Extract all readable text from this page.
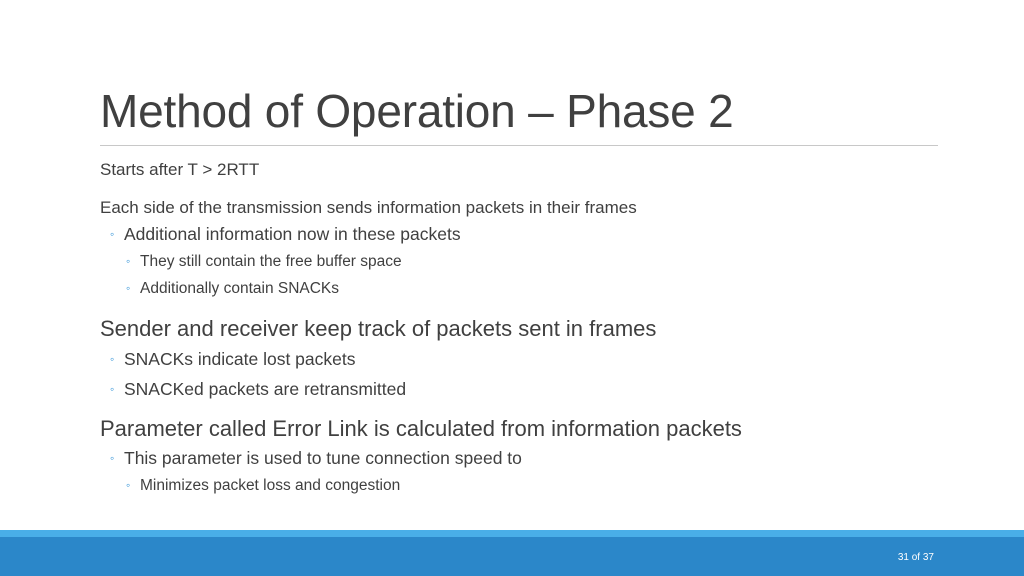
Method of Operation – Phase 2
Starts after T > 2RTT
Each side of the transmission sends information packets in their frames
◦ Additional information now in these packets
◦ They still contain the free buffer space
◦ Additionally contain SNACKs
Sender and receiver keep track of packets sent in frames
◦ SNACKs indicate lost packets
◦ SNACKed packets are retransmitted
Parameter called Error Link is calculated from information packets
◦ This parameter is used to tune connection speed to
◦ Minimizes packet loss and congestion
31 of 37
